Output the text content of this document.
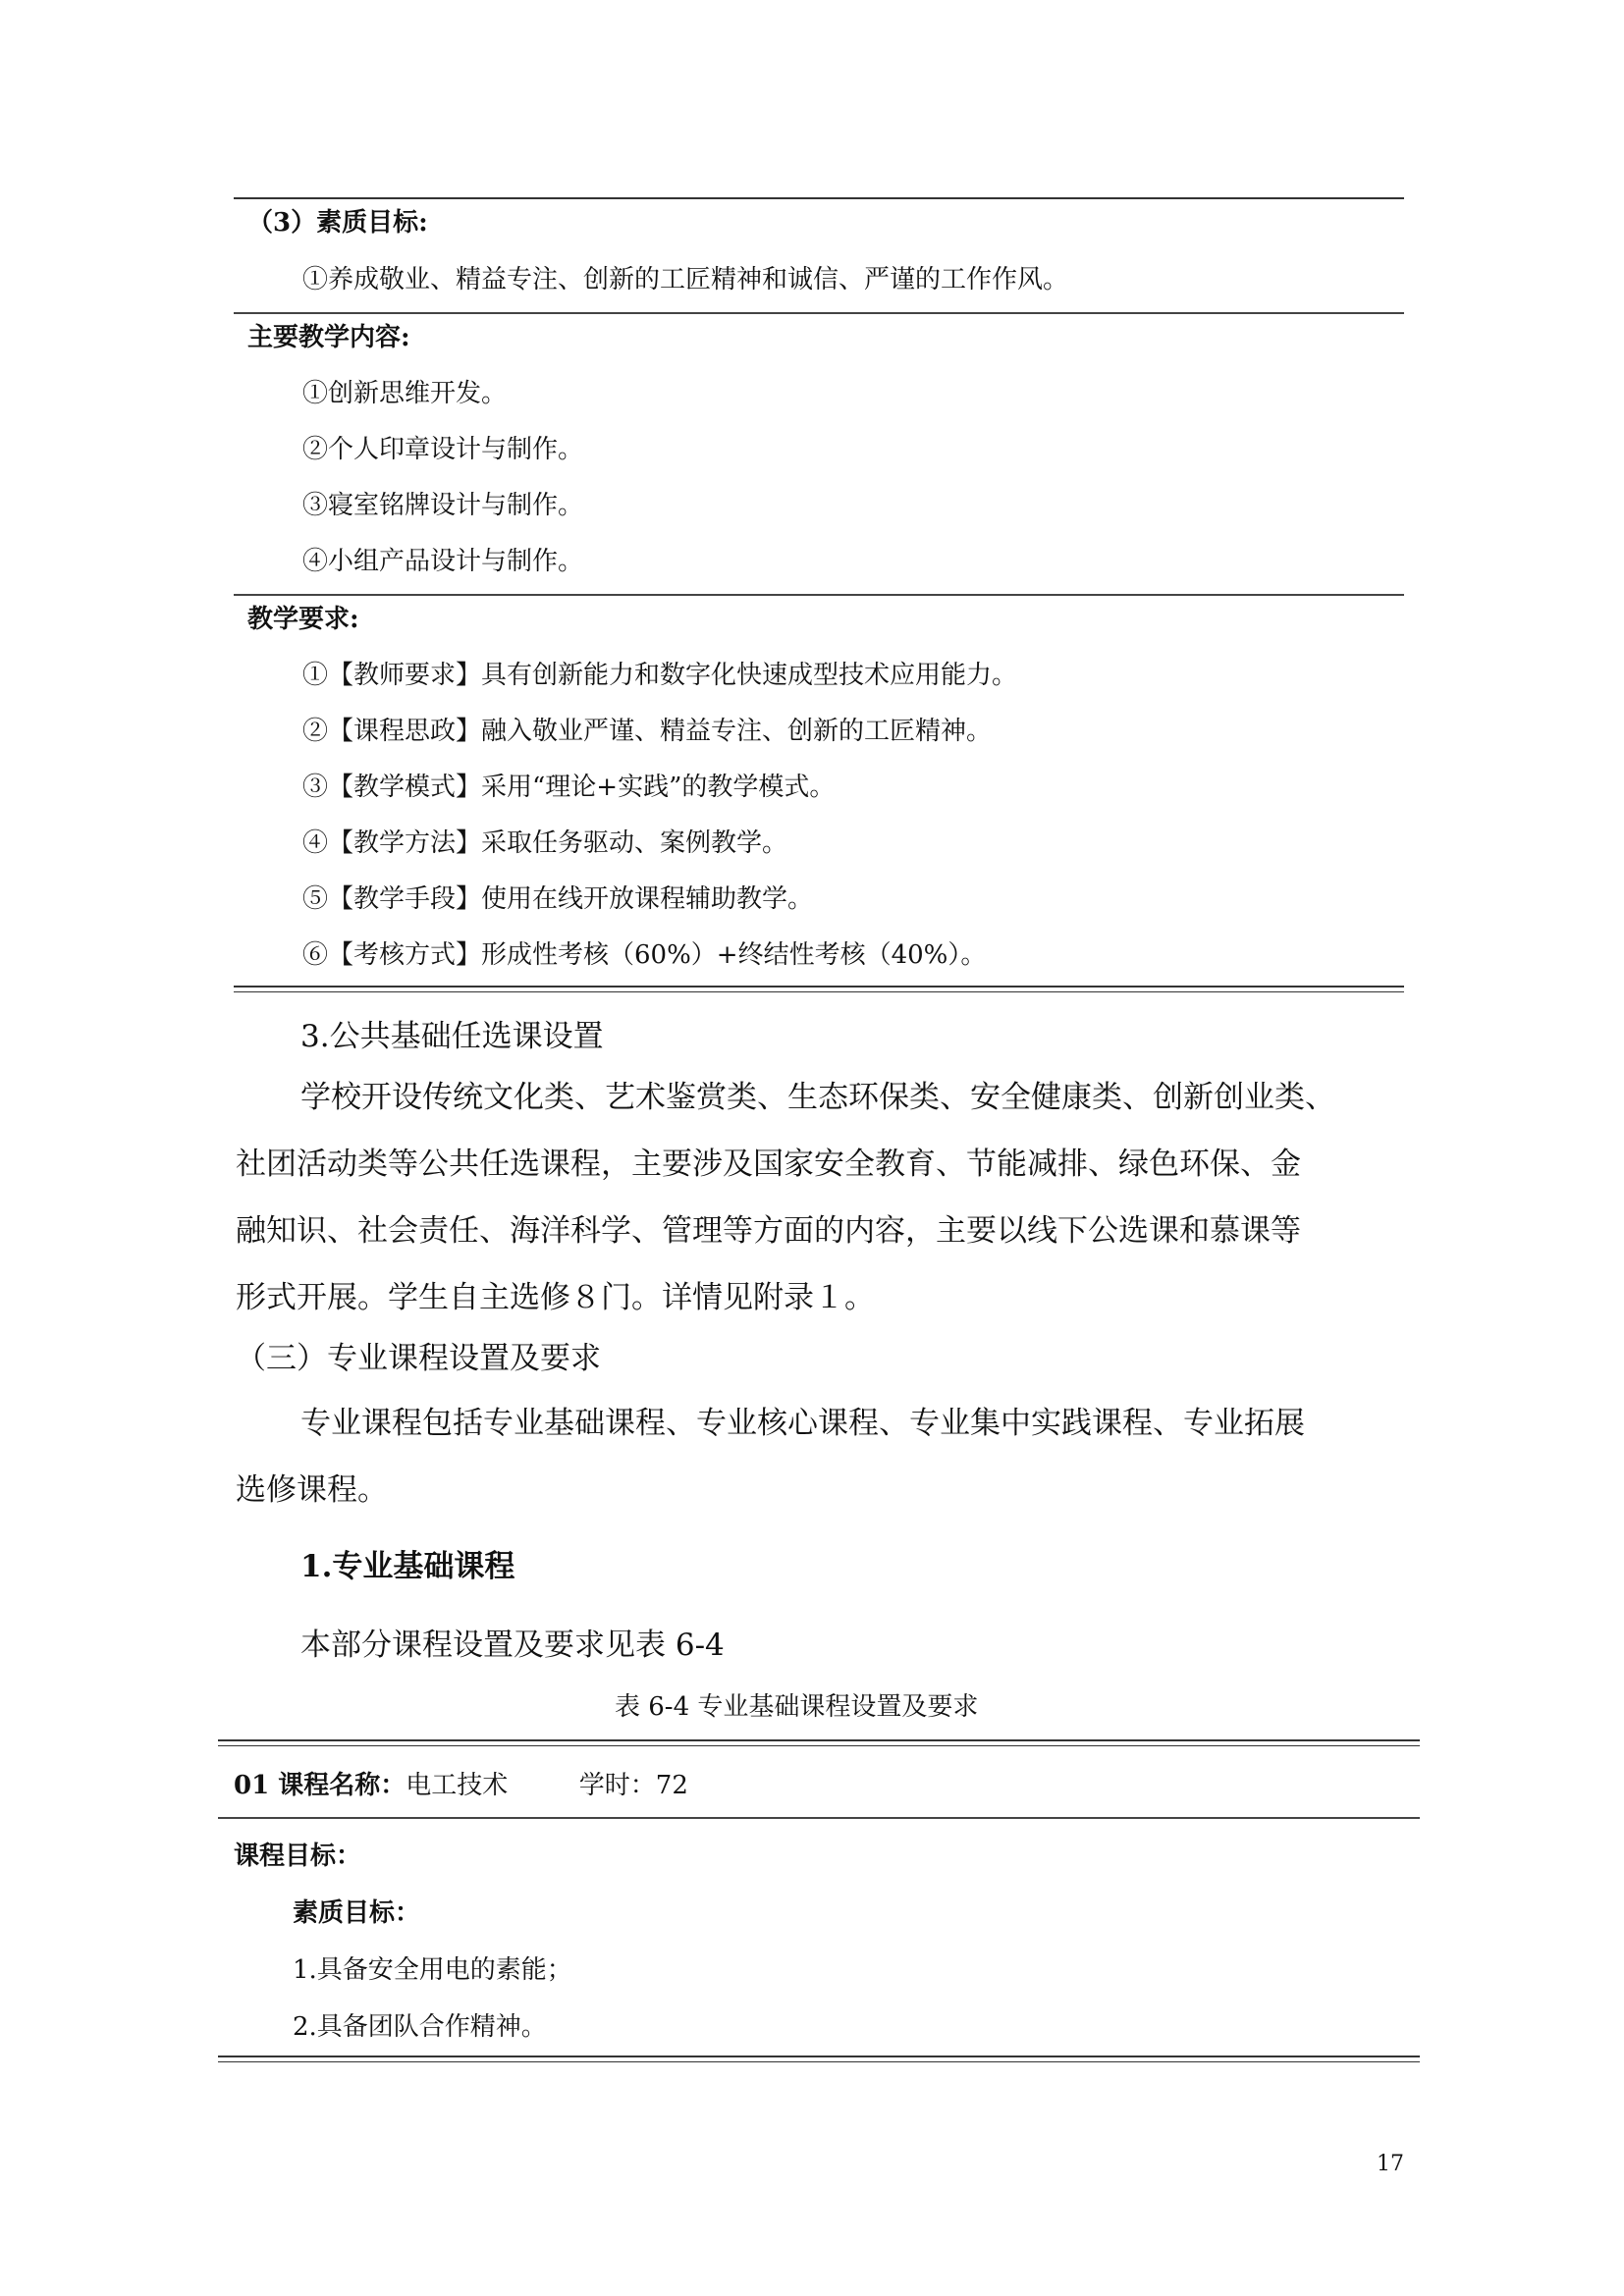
（3）素质目标:
①养成敬业、精益专注、创新的工匠精神和诚信、严谨的工作作风。
主要教学内容:
①创新思维开发。
②个人印章设计与制作。
③寝室铭牌设计与制作。
④小组产品设计与制作。
教学要求:
①【教师要求】具有创新能力和数字化快速成型技术应用能力。
②【课程思政】融入敬业严谨、精益专注、创新的工匠精神。
③【教学模式】采用“理论+实践”的教学模式。
④【教学方法】采取任务驱动、案例教学。
⑤【教学手段】使用在线开放课程辅助教学。
⑥【考核方式】形成性考核（60%）+终结性考核（40%）。
3.公共基础任选课设置
学校开设传统文化类、艺术鉴赏类、生态环保类、安全健康类、创新创业类、
社团活动类等公共任选课程，主要涉及国家安全教育、节能减排、绿色环保、金
融知识、社会责任、海洋科学、管理等方面的内容，主要以线下公选课和慕课等
形式开展。学生自主选修８门。详情见附录１。
（三）专业课程设置及要求
专业课程包括专业基础课程、专业核心课程、专业集中实践课程、专业拓展
选修课程。
1.专业基础课程
本部分课程设置及要求见表 6-4
表 6-4 专业基础课程设置及要求
01 课程名称：电工技术	学时：72
课程目标：
素质目标：
1.具备安全用电的素能；
2.具备团队合作精神。
17
